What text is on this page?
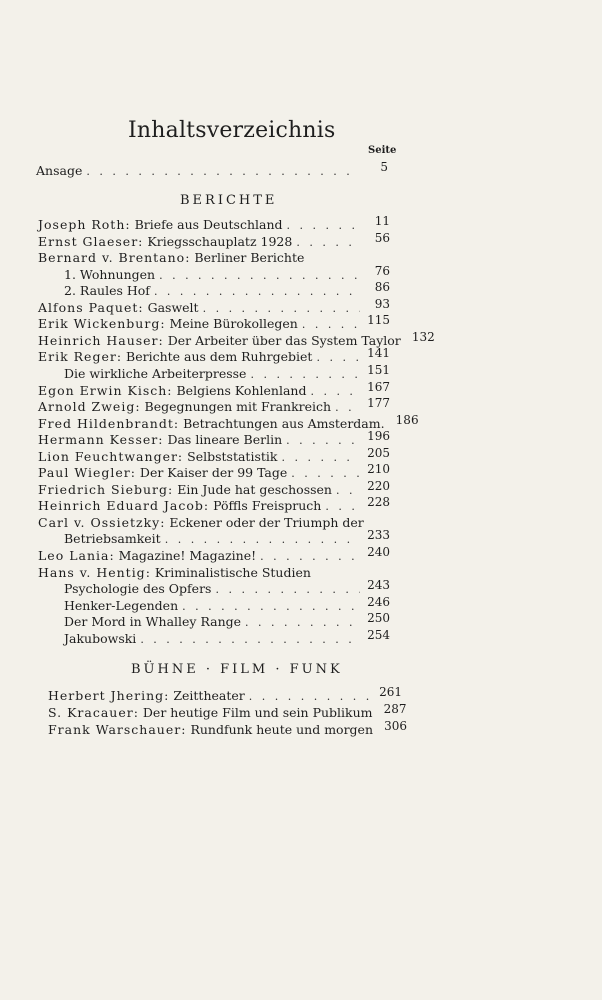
Inhaltsverzeichnis
Seite
Ansage . . .	5
BERICHTE
Joseph Roth: Briefe aus Deutschland . . .	11
Ernst Glaeser: Kriegsschauplatz 1928 . . .	56
Bernard v. Brentano: Berliner Berichte
1. Wohnungen . . .	76
2. Raules Hof . . .	86
Alfons Paquet: Gaswelt . . .	93
Erik Wickenburg: Meine Bürokollegen . . .	115
Heinrich Hauser: Der Arbeiter über das System Taylor 132
Erik Reger: Berichte aus dem Ruhrgebiet . . .	141
Die wirkliche Arbeiterpresse . . .	151
Egon Erwin Kisch: Belgiens Kohlenland . . .	167
Arnold Zweig: Begegnungen mit Frankreich . . .	177
Fred Hildenbrandt: Betrachtungen aus Amsterdam. 186
Hermann Kesser: Das lineare Berlin . . .	196
Lion Feuchtwanger: Selbststatistik . . .	205
Paul Wiegler: Der Kaiser der 99 Tage . . .	210
Friedrich Sieburg: Ein Jude hat geschossen . . .	220
Heinrich Eduard Jacob: Pöffls Freispruch . . .	228
Carl v. Ossietzky: Eckener oder der Triumph der
Betriebsamkeit . . .	233
Leo Lania: Magazine! Magazine! . . .	240
Hans v. Hentig: Kriminalistische Studien
Psychologie des Opfers . . .	243
Henker-Legenden . . .	246
Der Mord in Whalley Range . . .	250
Jakubowski . . .	254
BÜHNE · FILM · FUNK
Herbert Jhering: Zeittheater . . .	261
S. Kracauer: Der heutige Film und sein Publikum 287
Frank Warschauer: Rundfunk heute und morgen 306
